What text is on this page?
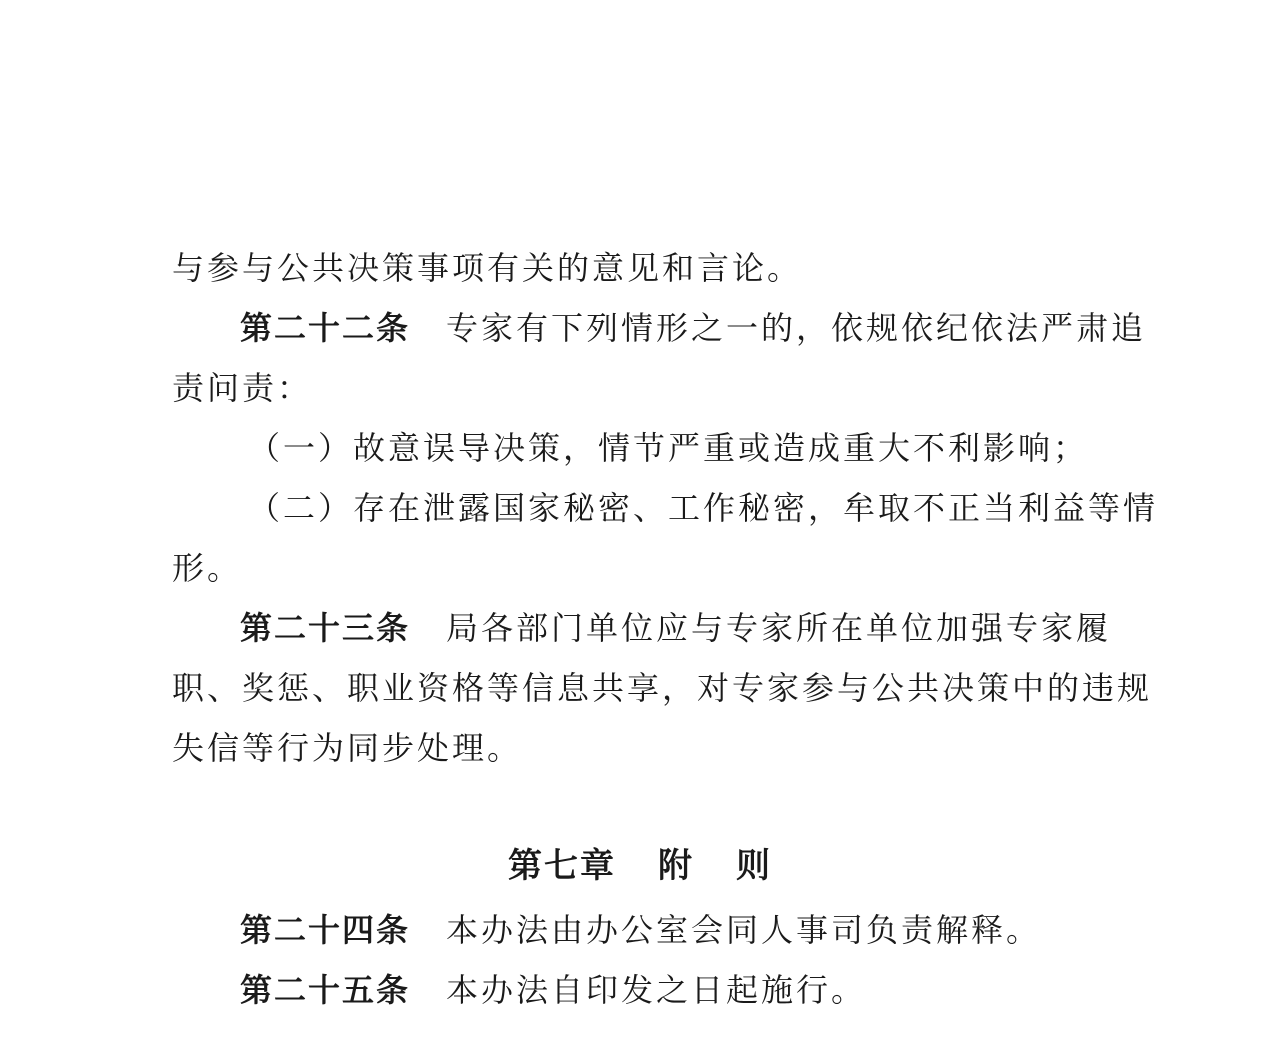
与参与公共决策事项有关的意见和言论。
第二十二条 专家有下列情形之一的，依规依纪依法严肃追
责问责：
（一）故意误导决策，情节严重或造成重大不利影响；
（二）存在泄露国家秘密、工作秘密，牟取不正当利益等情
形。
第二十三条 局各部门单位应与专家所在单位加强专家履
职、奖惩、职业资格等信息共享，对专家参与公共决策中的违规
失信等行为同步处理。
第七章 附 则
第二十四条 本办法由办公室会同人事司负责解释。
第二十五条 本办法自印发之日起施行。
